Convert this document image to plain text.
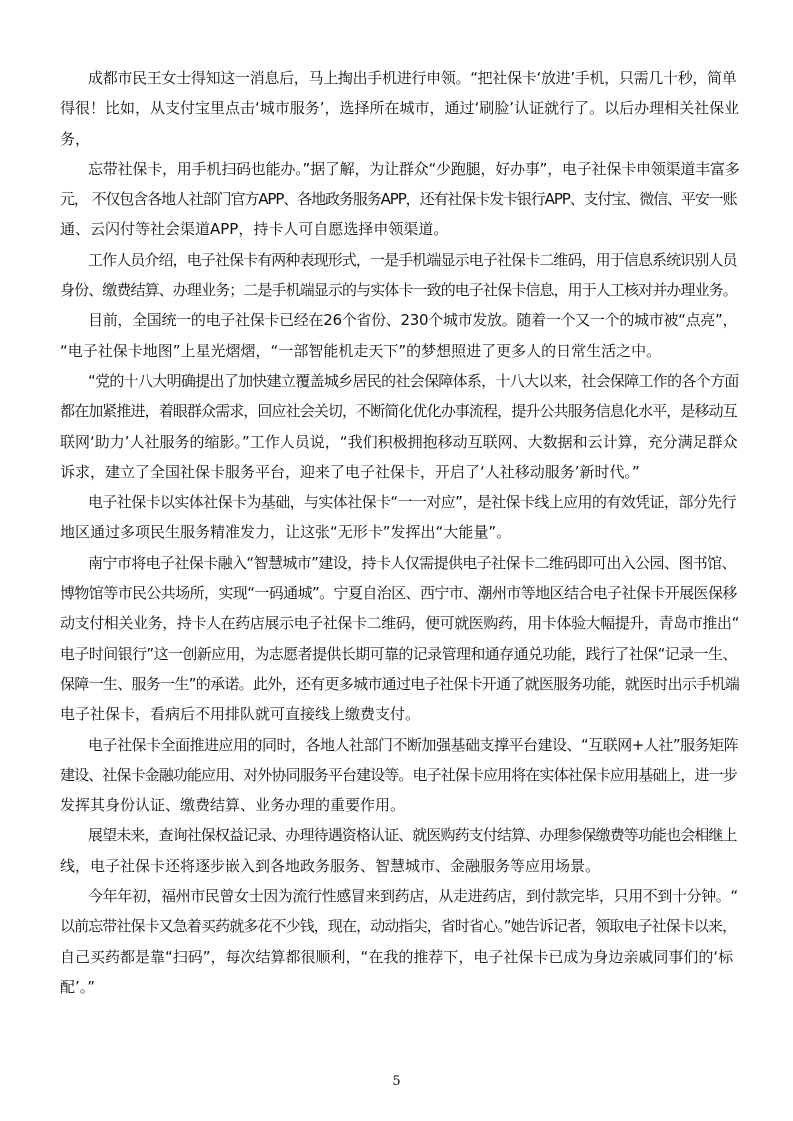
成都市民王女士得知这一消息后，马上掏出手机进行申领。“把社保卡‘放进’手机，只需几十秒，简单
得很！比如，从支付宝里点击‘城市服务’，选择所在城市，通过‘刷脸’认证就行了。以后办理相关社保业
务，
忘带社保卡，用手机扫码也能办。”据了解，为让群众“少跑腿，好办事”，电子社保卡申领渠道丰富多
元， 不仅包含各地人社部门官方APP、各地政务服务APP，还有社保卡发卡银行APP、支付宝、微信、平安一账
通、云闪付等社会渠道APP，持卡人可自愿选择申领渠道。
工作人员介绍，电子社保卡有两种表现形式，一是手机端显示电子社保卡二维码，用于信息系统识别人员
身份、缴费结算、办理业务；二是手机端显示的与实体卡一致的电子社保卡信息，用于人工核对并办理业务。
目前，全国统一的电子社保卡已经在26个省份、230个城市发放。随着一个又一个的城市被“点亮”，
“电子社保卡地图”上星光熠熠，“一部智能机走天下”的梦想照进了更多人的日常生活之中。
“党的十八大明确提出了加快建立覆盖城乡居民的社会保障体系，十八大以来，社会保障工作的各个方面
都在加紧推进，着眼群众需求，回应社会关切，不断简化优化办事流程，提升公共服务信息化水平，是移动互
联网‘助力’人社服务的缩影。”工作人员说，“我们积极拥抱移动互联网、大数据和云计算，充分满足群众
诉求，建立了全国社保卡服务平台，迎来了电子社保卡，开启了‘人社移动服务’新时代。”
电子社保卡以实体社保卡为基础，与实体社保卡“一一对应”，是社保卡线上应用的有效凭证，部分先行
地区通过多项民生服务精准发力，让这张“无形卡”发挥出“大能量”。
南宁市将电子社保卡融入“智慧城市”建设，持卡人仅需提供电子社保卡二维码即可出入公园、图书馆、
博物馆等市民公共场所，实现“一码通城”。宁夏自治区、西宁市、潮州市等地区结合电子社保卡开展医保移
动支付相关业务，持卡人在药店展示电子社保卡二维码，便可就医购药，用卡体验大幅提升，青岛市推出“
电子时间银行”这一创新应用，为志愿者提供长期可靠的记录管理和通存通兑功能，践行了社保“记录一生、
保障一生、服务一生”的承诺。此外，还有更多城市通过电子社保卡开通了就医服务功能，就医时出示手机端
电子社保卡，看病后不用排队就可直接线上缴费支付。
电子社保卡全面推进应用的同时，各地人社部门不断加强基础支撑平台建设、“互联网+人社”服务矩阵
建设、社保卡金融功能应用、对外协同服务平台建设等。电子社保卡应用将在实体社保卡应用基础上，进一步
发挥其身份认证、缴费结算、业务办理的重要作用。
展望未来，查询社保权益记录、办理待遇资格认证、就医购药支付结算、办理参保缴费等功能也会相继上
线，电子社保卡还将逐步嵌入到各地政务服务、智慧城市、金融服务等应用场景。
今年年初，福州市民曾女士因为流行性感冒来到药店，从走进药店，到付款完毕，只用不到十分钟。“
以前忘带社保卡又急着买药就多花不少钱，现在，动动指尖，省时省心。”她告诉记者，领取电子社保卡以来，
自己买药都是靠“扫码”，每次结算都很顺利，“在我的推荐下，电子社保卡已成为身边亲戚同事们的‘标
配’。”
5
